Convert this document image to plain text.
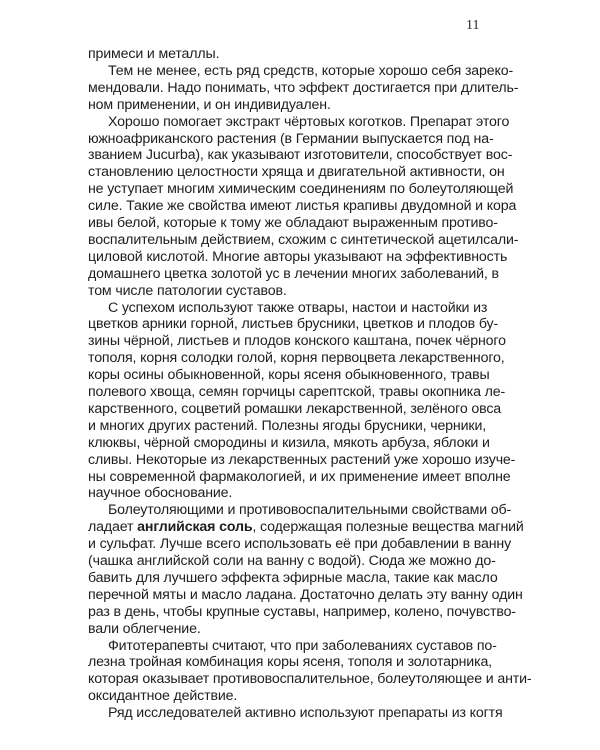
11
примеси и металлы.
Тем не менее, есть ряд средств, которые хорошо себя зареко-
мендовали. Надо понимать, что эффект достигается при длитель-
ном применении, и он индивидуален.
Хорошо помогает экстракт чёртовых коготков. Препарат этого
южноафриканского растения (в Германии выпускается под на-
званием Jucurba), как указывают изготовители, способствует вос-
становлению целостности хряща и двигательной активности, он
не уступает многим химическим соединениям по болеутоляющей
силе. Такие же свойства имеют листья крапивы двудомной и кора
ивы белой, которые к тому же обладают выраженным противо-
воспалительным действием, схожим с синтетической ацетилсали-
циловой кислотой. Многие авторы указывают на эффективность
домашнего цветка золотой ус в лечении многих заболеваний, в
том числе патологии суставов.
С успехом используют также отвары, настои и настойки из
цветков арники горной, листьев брусники, цветков и плодов бу-
зины чёрной, листьев и плодов конского каштана, почек чёрного
тополя, корня солодки голой, корня первоцвета лекарственного,
коры осины обыкновенной, коры ясеня обыкновенного, травы
полевого хвоща, семян горчицы сарептской, травы окопника ле-
карственного, соцветий ромашки лекарственной, зелёного овса
и многих других растений. Полезны ягоды брусники, черники,
клюквы, чёрной смородины и кизила, мякоть арбуза, яблоки и
сливы. Некоторые из лекарственных растений уже хорошо изуче-
ны современной фармакологией, и их применение имеет вполне
научное обоснование.
Болеутоляющими и противовоспалительными свойствами об-
ладает английская соль, содержащая полезные вещества магний
и сульфат. Лучше всего использовать её при добавлении в ванну
(чашка английской соли на ванну с водой). Сюда же можно до-
бавить для лучшего эффекта эфирные масла, такие как масло
перечной мяты и масло ладана. Достаточно делать эту ванну один
раз в день, чтобы крупные суставы, например, колено, почувство-
вали облегчение.
Фитотерапевты считают, что при заболеваниях суставов по-
лезна тройная комбинация коры ясеня, тополя и золотарника,
которая оказывает противовоспалительное, болеутоляющее и анти-
оксидантное действие.
Ряд исследователей активно используют препараты из когтя
